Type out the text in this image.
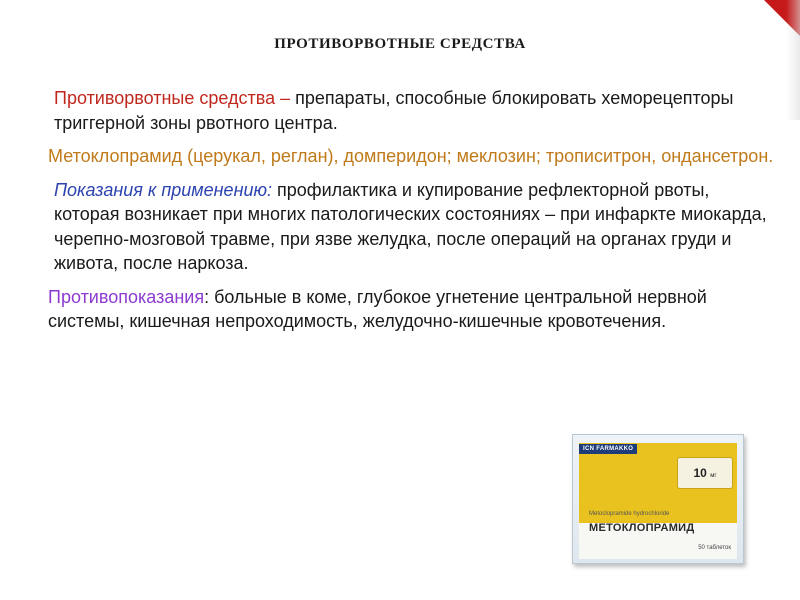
ПРОТИВОРВОТНЫЕ СРЕДСТВА

Противорвотные средства – препараты, способные блокировать хеморецепторы триггерной зоны рвотного центра.

Метоклопрамид (церукал, реглан), домперидон; меклозин; трописитрон, ондансетрон.

Показания к применению: профилактика и купирование рефлекторной рвоты, которая возникает при многих патологических состояниях – при инфаркте миокарда, черепно-мозговой травме, при язве желудка, после операций на органах груди и живота, после наркоза.

Противопоказания: больные в коме, глубокое угнетение центральной нервной системы, кишечная непроходимость, желудочно-кишечные кровотечения.

ICN FARMAKKO
10 мг
Metoclopramide hydrochloride
МЕТОКЛОПРАМИД
50 таблеток
